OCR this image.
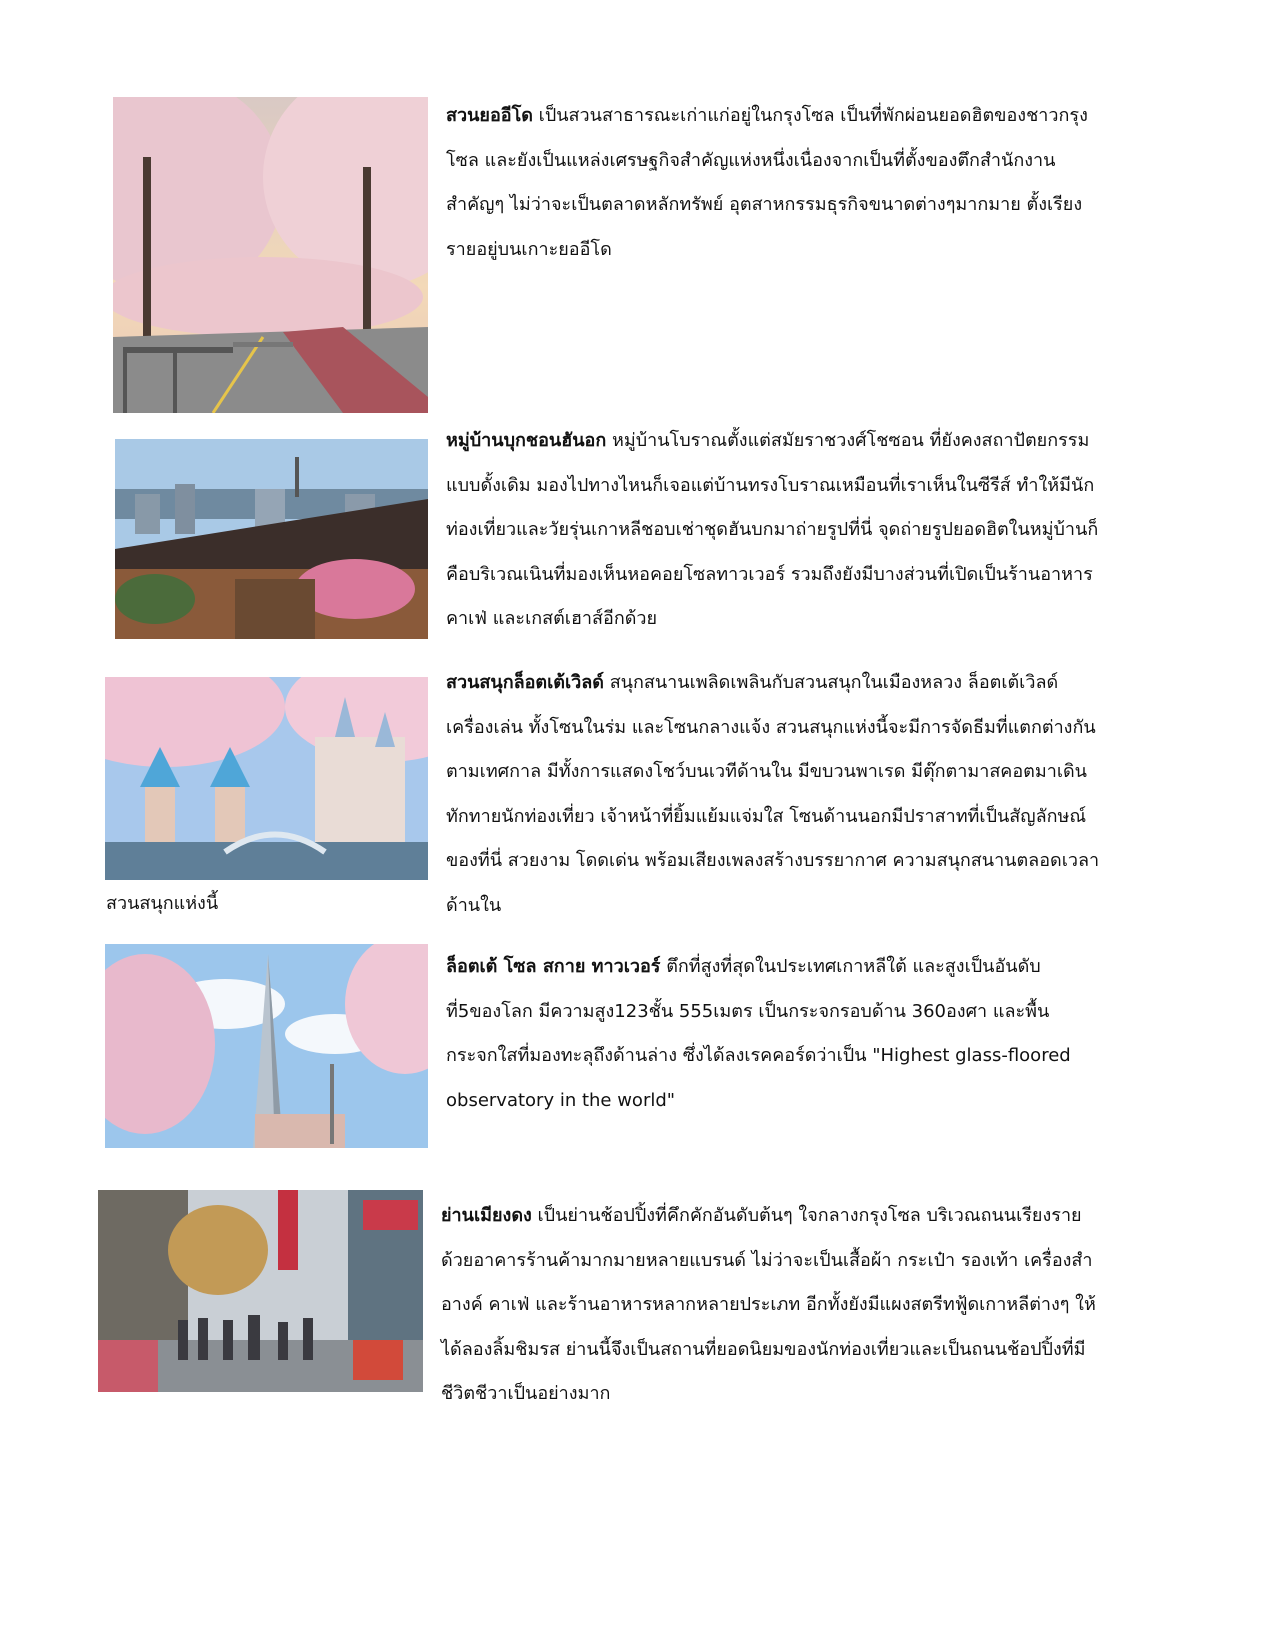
สวนยออีโด เป็นสวนสาธารณะเก่าแก่อยู่ในกรุงโซล เป็นที่พักผ่อนยอดฮิตของชาวกรุงโซล และยังเป็นแหล่งเศรษฐกิจสำคัญแห่งหนึ่งเนื่องจากเป็นที่ตั้งของตึกสำนักงานสำคัญๆ ไม่ว่าจะเป็นตลาดหลักทรัพย์ อุตสาหกรรมธุรกิจขนาดต่างๆมากมาย ตั้งเรียงรายอยู่บนเกาะยออีโด
หมู่บ้านบุกชอนฮันอก หมู่บ้านโบราณตั้งแต่สมัยราชวงศ์โชซอน ที่ยังคงสถาปัตยกรรมแบบดั้งเดิม มองไปทางไหนก็เจอแต่บ้านทรงโบราณเหมือนที่เราเห็นในซีรีส์ ทำให้มีนักท่องเที่ยวและวัยรุ่นเกาหลีชอบเช่าชุดฮันบกมาถ่ายรูปที่นี่ จุดถ่ายรูปยอดฮิตในหมู่บ้านก็คือบริเวณเนินที่มองเห็นหอคอยโซลทาวเวอร์ รวมถึงยังมีบางส่วนที่เปิดเป็นร้านอาหาร คาเฟ่ และเกสต์เฮาส์อีกด้วย
สวนสนุกล็อตเต้เวิลด์ สนุกสนานเพลิดเพลินกับสวนสนุกในเมืองหลวง ล็อตเต้เวิลด์ เครื่องเล่น ทั้งโซนในร่ม และโซนกลางแจ้ง สวนสนุกแห่งนี้จะมีการจัดธีมที่แตกต่างกันตามเทศกาล มีทั้งการแสดงโชว์บนเวทีด้านใน มีขบวนพาเรด มีตุ๊กตามาสคอตมาเดินทักทายนักท่องเที่ยว เจ้าหน้าที่ยิ้มแย้มแจ่มใส โซนด้านนอกมีปราสาทที่เป็นสัญลักษณ์ของที่นี่ สวยงาม โดดเด่น พร้อมเสียงเพลงสร้างบรรยากาศ ความสนุกสนานตลอดเวลาด้านใน
สวนสนุกแห่งนี้
ล็อตเต้ โซล สกาย ทาวเวอร์ ตึกที่สูงที่สุดในประเทศเกาหลีใต้ และสูงเป็นอันดับที่5ของโลก มีความสูง123ชั้น 555เมตร เป็นกระจกรอบด้าน 360องศา และพื้นกระจกใสที่มองทะลุถึงด้านล่าง ซึ่งได้ลงเรคคอร์ดว่าเป็น "Highest glass-floored observatory in the world"
ย่านเมียงดง เป็นย่านช้อปปิ้งที่คึกคักอันดับต้นๆ ใจกลางกรุงโซล บริเวณถนนเรียงรายด้วยอาคารร้านค้ามากมายหลายแบรนด์ ไม่ว่าจะเป็นเสื้อผ้า กระเป๋า รองเท้า เครื่องสำอางค์ คาเฟ่ และร้านอาหารหลากหลายประเภท อีกทั้งยังมีแผงสตรีทฟู้ดเกาหลีต่างๆ ให้ได้ลองลิ้มชิมรส ย่านนี้จึงเป็นสถานที่ยอดนิยมของนักท่องเที่ยวและเป็นถนนช้อปปิ้งที่มีชีวิตชีวาเป็นอย่างมาก
